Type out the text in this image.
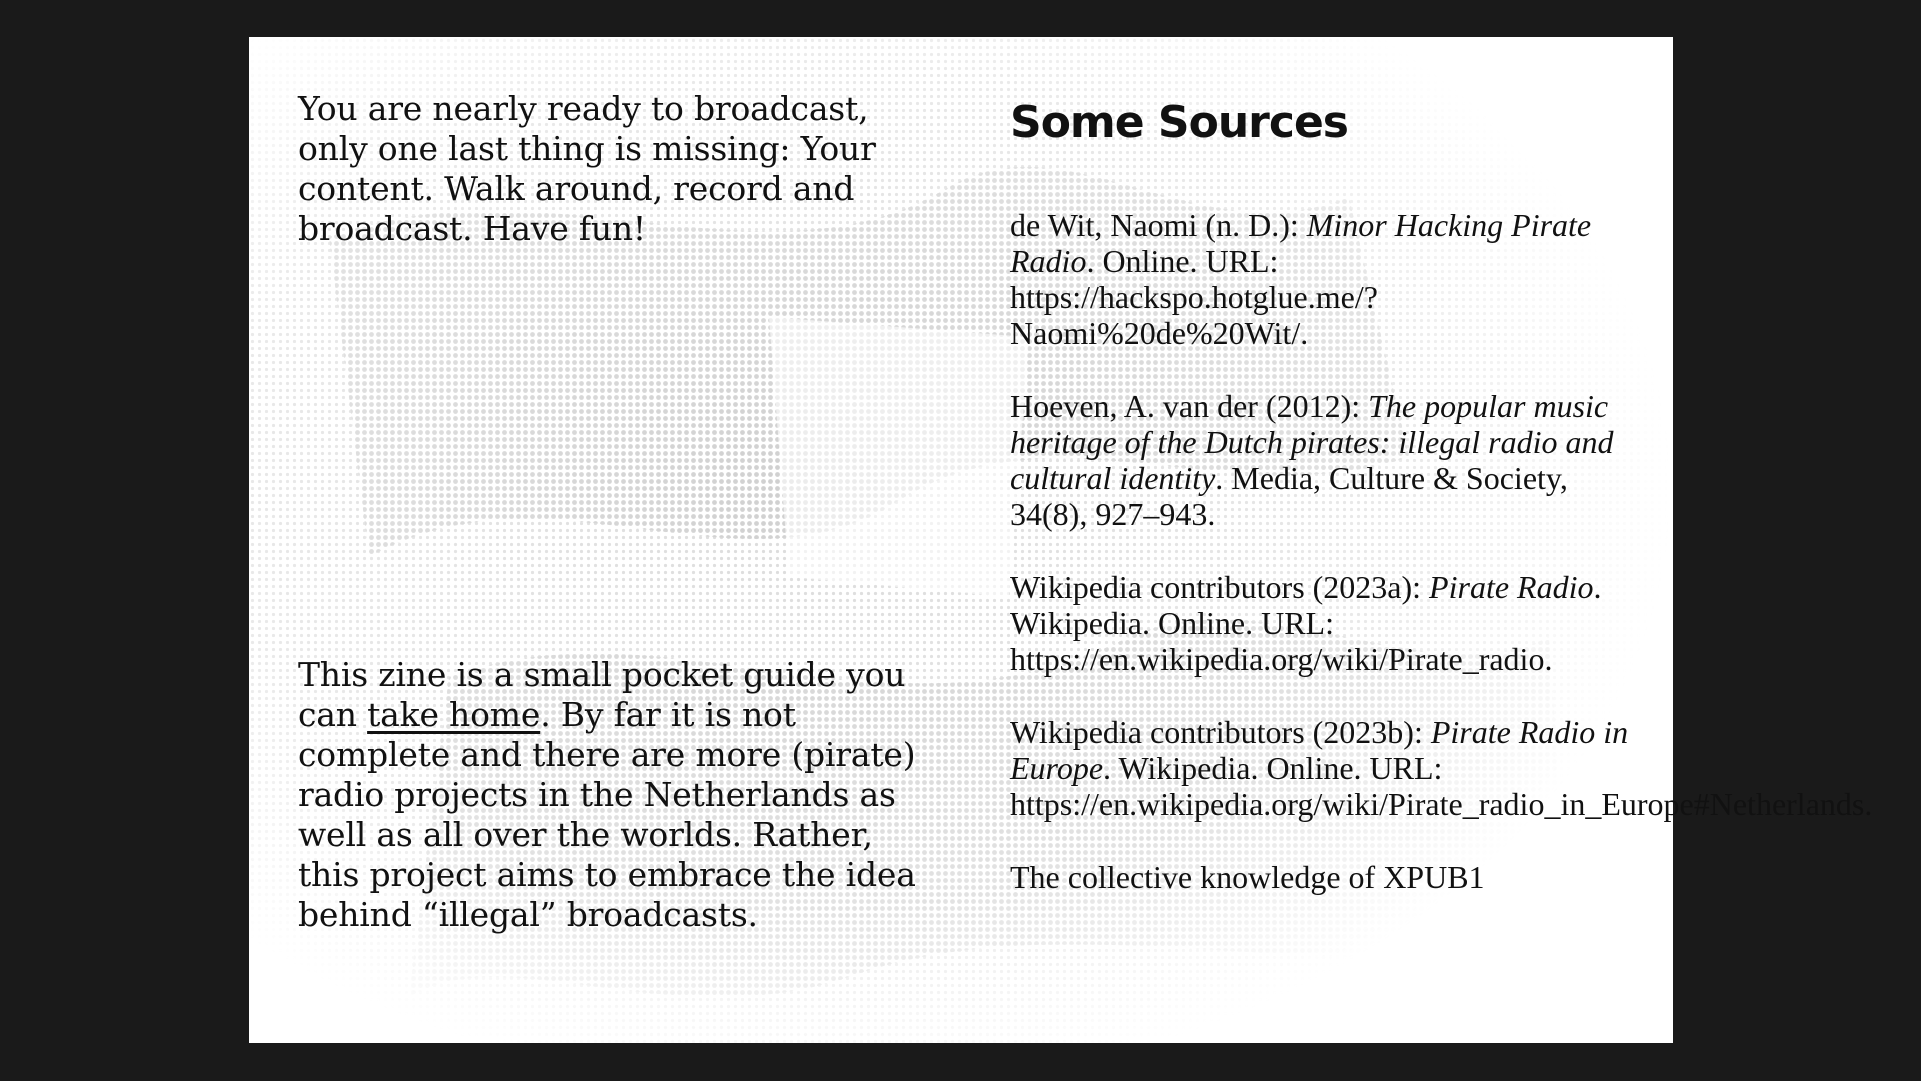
You are nearly ready to broadcast, only one last thing is missing: Your content. Walk around, record and broadcast. Have fun!

This zine is a small pocket guide you can take home. By far it is not complete and there are more (pirate) radio projects in the Netherlands as well as all over the worlds. Rather, this project aims to embrace the idea behind “illegal” broadcasts.

Some Sources

de Wit, Naomi (n. D.): Minor Hacking Pirate Radio. Online. URL: https://hackspo.hotglue.me/?Naomi%20de%20Wit/.

Hoeven, A. van der (2012): The popular music heritage of the Dutch pirates: illegal radio and cultural identity. Media, Culture & Society, 34(8), 927–943.

Wikipedia contributors (2023a): Pirate Radio. Wikipedia. Online. URL: https://en.wikipedia.org/wiki/Pirate_radio.

Wikipedia contributors (2023b): Pirate Radio in Europe. Wikipedia. Online. URL: https://en.wikipedia.org/wiki/Pirate_radio_in_Europe#Netherlands.

The collective knowledge of XPUB1
